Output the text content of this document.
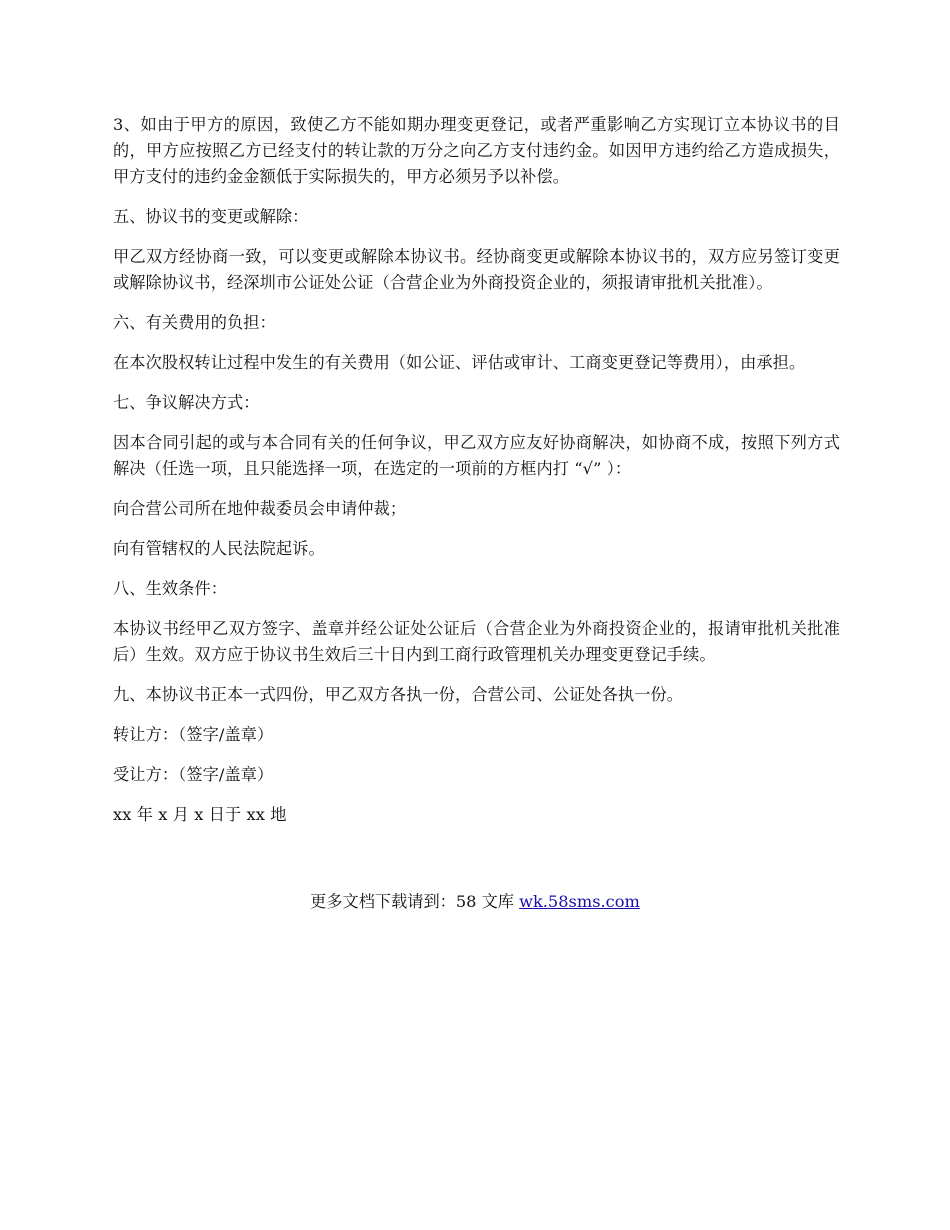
3、如由于甲方的原因，致使乙方不能如期办理变更登记，或者严重影响乙方实现订立本协议书的目的，甲方应按照乙方已经支付的转让款的万分之向乙方支付违约金。如因甲方违约给乙方造成损失，甲方支付的违约金金额低于实际损失的，甲方必须另予以补偿。

五、协议书的变更或解除：

甲乙双方经协商一致，可以变更或解除本协议书。经协商变更或解除本协议书的，双方应另签订变更或解除协议书，经深圳市公证处公证（合营企业为外商投资企业的，须报请审批机关批准）。

六、有关费用的负担：

在本次股权转让过程中发生的有关费用（如公证、评估或审计、工商变更登记等费用），由承担。

七、争议解决方式：

因本合同引起的或与本合同有关的任何争议，甲乙双方应友好协商解决，如协商不成，按照下列方式解决（任选一项，且只能选择一项，在选定的一项前的方框内打 “√” ）：

向合营公司所在地仲裁委员会申请仲裁；

向有管辖权的人民法院起诉。

八、生效条件：

本协议书经甲乙双方签字、盖章并经公证处公证后（合营企业为外商投资企业的，报请审批机关批准后）生效。双方应于协议书生效后三十日内到工商行政管理机关办理变更登记手续。

九、本协议书正本一式四份，甲乙双方各执一份，合营公司、公证处各执一份。

转让方：（签字/盖章）

受让方：（签字/盖章）

xx 年 x 月 x 日于 xx 地

更多文档下载请到：58 文库 wk.58sms.com
